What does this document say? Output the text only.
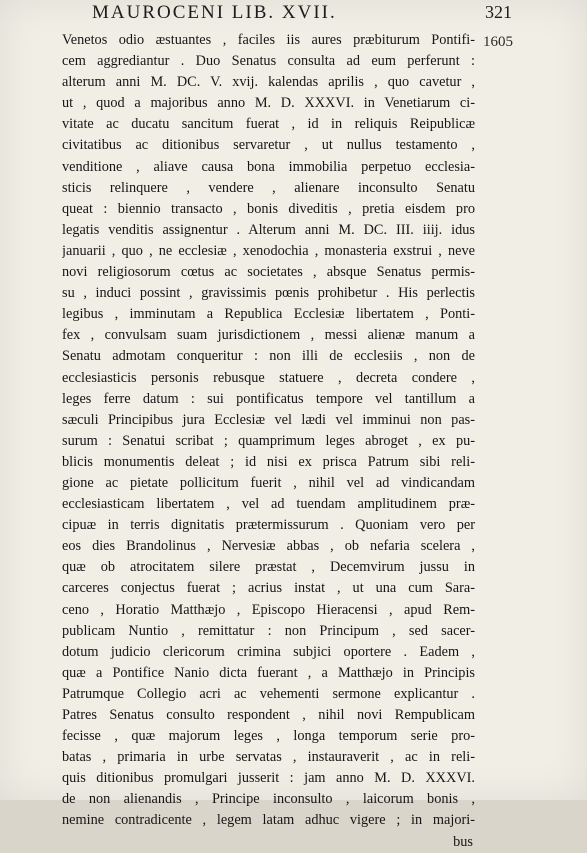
MAUROCENI LIB. XVII.	321
1605
Venetos odio æstuantes , faciles iis aures præbiturum Pontifi-
cem aggrediantur . Duo Senatus consulta ad eum perferunt :
alterum anni M. DC. V. xvij. kalendas aprilis , quo cavetur ,
ut , quod a majoribus anno M. D. XXXVI. in Venetiarum ci-
vitate ac ducatu sancitum fuerat , id in reliquis Reipublicæ
civitatibus ac ditionibus servaretur , ut nullus testamento ,
venditione , aliave causa bona immobilia perpetuo ecclesia-
sticis relinquere , vendere , alienare inconsulto Senatu
queat : biennio transacto , bonis diveditis , pretia eisdem pro
legatis venditis assignentur . Alterum anni M. DC. III. iiij. idus
januarii , quo , ne ecclesiæ , xenodochia , monasteria exstrui , neve
novi religiosorum cœtus ac societates , absque Senatus permis-
su , induci possint , gravissimis pœnis prohibetur . His perlectis
legibus , imminutam a Republica Ecclesiæ libertatem , Ponti-
fex , convulsam suam jurisdictionem , messi alienæ manum a
Senatu admotam conqueritur : non illi de ecclesiis , non de
ecclesiasticis personis rebusque statuere , decreta condere ,
leges ferre datum : sui pontificatus tempore vel tantillum a
sæculi Principibus jura Ecclesiæ vel lædi vel imminui non pas-
surum : Senatui scribat ; quamprimum leges abroget , ex pu-
blicis monumentis deleat ; id nisi ex prisca Patrum sibi reli-
gione ac pietate pollicitum fuerit , nihil vel ad vindicandam
ecclesiasticam libertatem , vel ad tuendam amplitudinem præ-
cipuæ in terris dignitatis prætermissurum . Quoniam vero per
eos dies Brandolinus , Nervesiæ abbas , ob nefaria scelera ,
quæ ob atrocitatem silere præstat , Decemvirum jussu in
carceres conjectus fuerat ; acrius instat , ut una cum Sara-
ceno , Horatio Matthæjo , Episcopo Hieracensi , apud Rem-
publicam Nuntio , remittatur : non Principum , sed sacer-
dotum judicio clericorum crimina subjici oportere . Eadem ,
quæ a Pontifice Nanio dicta fuerant , a Matthæjo in Principis
Patrumque Collegio acri ac vehementi sermone explicantur .
Patres Senatus consulto respondent , nihil novi Rempublicam
fecisse , quæ majorum leges , longa temporum serie pro-
batas , primaria in urbe servatas , instauraverit , ac in reli-
quis ditionibus promulgari jusserit : jam anno M. D. XXXVI.
de non alienandis , Principe inconsulto , laicorum bonis ,
nemine contradicente , legem latam adhuc vigere ; in majori-
bus
